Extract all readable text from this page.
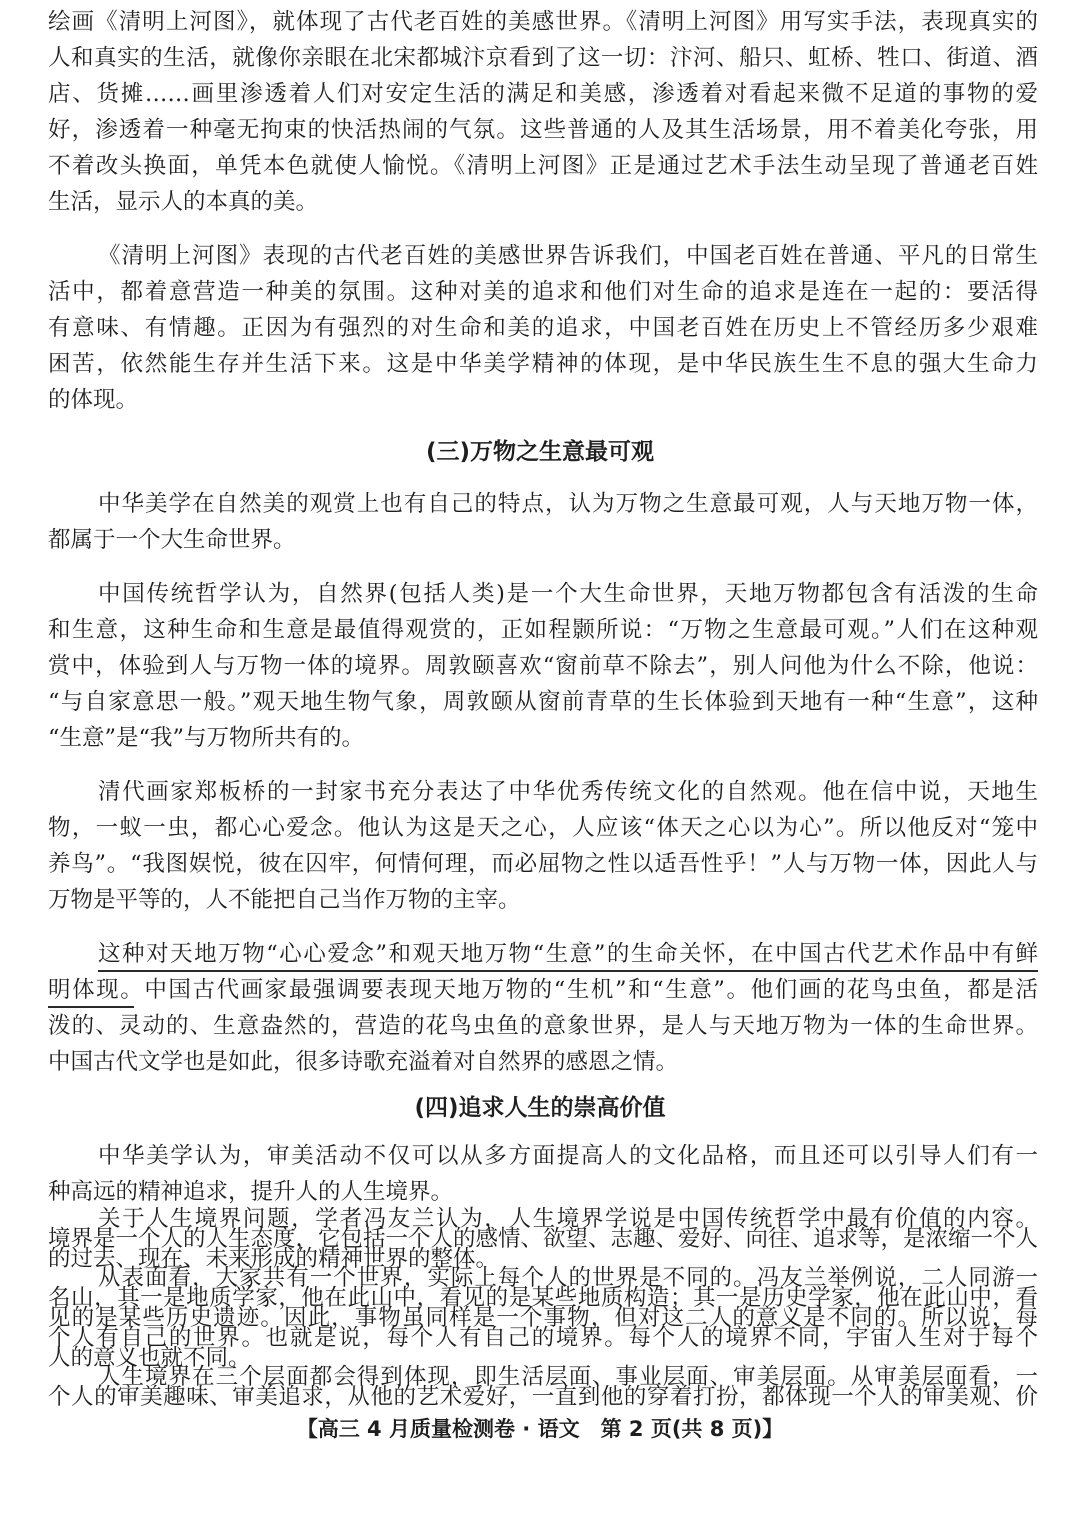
绘画《清明上河图》，就体现了古代老百姓的美感世界。《清明上河图》用写实手法，表现真实的
人和真实的生活，就像你亲眼在北宋都城汴京看到了这一切：汴河、船只、虹桥、牲口、街道、酒
店、货摊……画里渗透着人们对安定生活的满足和美感，渗透着对看起来微不足道的事物的爱
好，渗透着一种毫无拘束的快活热闹的气氛。这些普通的人及其生活场景，用不着美化夸张，用
不着改头换面，单凭本色就使人愉悦。《清明上河图》正是通过艺术手法生动呈现了普通老百姓
生活，显示人的本真的美。
《清明上河图》表现的古代老百姓的美感世界告诉我们，中国老百姓在普通、平凡的日常生
活中，都着意营造一种美的氛围。这种对美的追求和他们对生命的追求是连在一起的：要活得
有意味、有情趣。正因为有强烈的对生命和美的追求，中国老百姓在历史上不管经历多少艰难
困苦，依然能生存并生活下来。这是中华美学精神的体现，是中华民族生生不息的强大生命力
的体现。
(三)万物之生意最可观
中华美学在自然美的观赏上也有自己的特点，认为万物之生意最可观，人与天地万物一体，
都属于一个大生命世界。
中国传统哲学认为，自然界(包括人类)是一个大生命世界，天地万物都包含有活泼的生命
和生意，这种生命和生意是最值得观赏的，正如程颢所说：“万物之生意最可观。”人们在这种观
赏中，体验到人与万物一体的境界。周敦颐喜欢“窗前草不除去”，别人问他为什么不除，他说：
“与自家意思一般。”观天地生物气象，周敦颐从窗前青草的生长体验到天地有一种“生意”，这种
“生意”是“我”与万物所共有的。
清代画家郑板桥的一封家书充分表达了中华优秀传统文化的自然观。他在信中说，天地生
物，一蚁一虫，都心心爱念。他认为这是天之心，人应该“体天之心以为心”。所以他反对“笼中
养鸟”。“我图娱悦，彼在囚牢，何情何理，而必屈物之性以适吾性乎！”人与万物一体，因此人与
万物是平等的，人不能把自己当作万物的主宰。
这种对天地万物“心心爱念”和观天地万物“生意”的生命关怀，在中国古代艺术作品中有鲜
明体现。中国古代画家最强调要表现天地万物的“生机”和“生意”。他们画的花鸟虫鱼，都是活
泼的、灵动的、生意盎然的，营造的花鸟虫鱼的意象世界，是人与天地万物为一体的生命世界。
中国古代文学也是如此，很多诗歌充溢着对自然界的感恩之情。
(四)追求人生的崇高价值
中华美学认为，审美活动不仅可以从多方面提高人的文化品格，而且还可以引导人们有一
种高远的精神追求，提升人的人生境界。
【高三 4 月质量检测卷 · 语文　第 2 页(共 8 页)】
关于人生境界问题，学者冯友兰认为，人生境界学说是中国传统哲学中最有价值的内容。
境界是一个人的人生态度，它包括一个人的感情、欲望、志趣、爱好、向往、追求等，是浓缩一个人
的过去、现在、未来形成的精神世界的整体。
从表面看，大家共有一个世界，实际上每个人的世界是不同的。冯友兰举例说，二人同游一
名山，其一是地质学家，他在此山中，看见的是某些地质构造；其一是历史学家，他在此山中，看
见的是某些历史遗迹。因此，事物虽同样是一个事物，但对这二人的意义是不同的。所以说，每
个人有自己的世界。也就是说，每个人有自己的境界。每个人的境界不同，宇宙人生对于每个
人的意义也就不同。
人生境界在三个层面都会得到体现，即生活层面、事业层面、审美层面。从审美层面看，一
个人的审美趣味、审美追求，从他的艺术爱好，一直到他的穿着打扮，都体现一个人的审美观、价
